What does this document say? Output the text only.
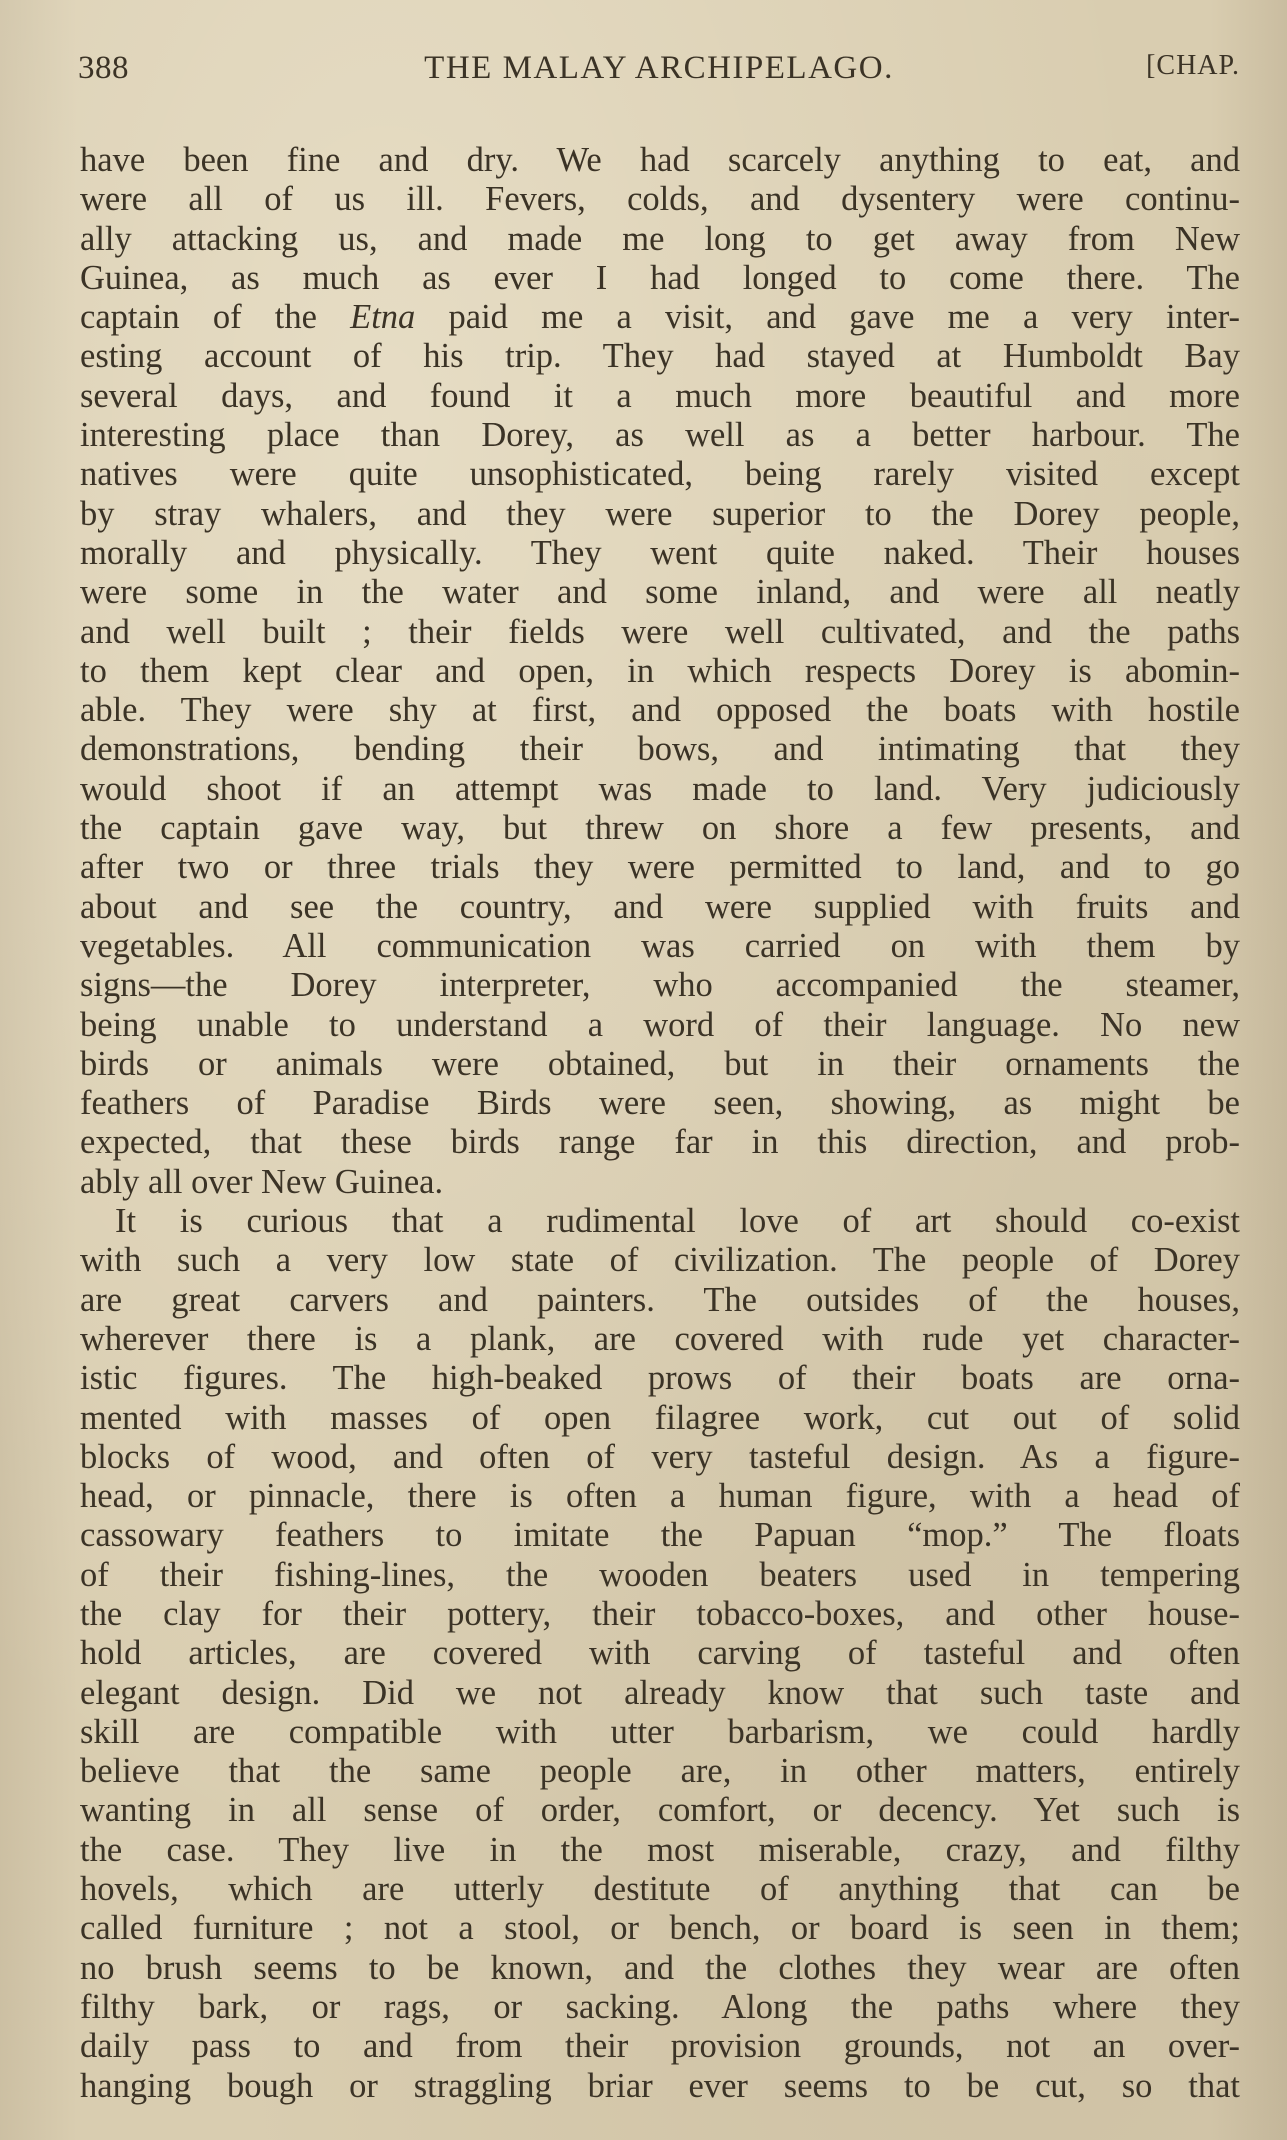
388	THE MALAY ARCHIPELAGO.	[CHAP.
have been fine and dry. We had scarcely anything to eat, and
were all of us ill. Fevers, colds, and dysentery were continu-
ally attacking us, and made me long to get away from New
Guinea, as much as ever I had longed to come there. The
captain of the Etna paid me a visit, and gave me a very inter-
esting account of his trip. They had stayed at Humboldt Bay
several days, and found it a much more beautiful and more
interesting place than Dorey, as well as a better harbour. The
natives were quite unsophisticated, being rarely visited except
by stray whalers, and they were superior to the Dorey people,
morally and physically. They went quite naked. Their houses
were some in the water and some inland, and were all neatly
and well built ; their fields were well cultivated, and the paths
to them kept clear and open, in which respects Dorey is abomin-
able. They were shy at first, and opposed the boats with hostile
demonstrations, bending their bows, and intimating that they
would shoot if an attempt was made to land. Very judiciously
the captain gave way, but threw on shore a few presents, and
after two or three trials they were permitted to land, and to go
about and see the country, and were supplied with fruits and
vegetables. All communication was carried on with them by
signs—the Dorey interpreter, who accompanied the steamer,
being unable to understand a word of their language. No new
birds or animals were obtained, but in their ornaments the
feathers of Paradise Birds were seen, showing, as might be
expected, that these birds range far in this direction, and prob-
ably all over New Guinea.
It is curious that a rudimental love of art should co-exist
with such a very low state of civilization. The people of Dorey
are great carvers and painters. The outsides of the houses,
wherever there is a plank, are covered with rude yet character-
istic figures. The high-beaked prows of their boats are orna-
mented with masses of open filagree work, cut out of solid
blocks of wood, and often of very tasteful design. As a figure-
head, or pinnacle, there is often a human figure, with a head of
cassowary feathers to imitate the Papuan “mop.” The floats
of their fishing-lines, the wooden beaters used in tempering
the clay for their pottery, their tobacco-boxes, and other house-
hold articles, are covered with carving of tasteful and often
elegant design. Did we not already know that such taste and
skill are compatible with utter barbarism, we could hardly
believe that the same people are, in other matters, entirely
wanting in all sense of order, comfort, or decency. Yet such is
the case. They live in the most miserable, crazy, and filthy
hovels, which are utterly destitute of anything that can be
called furniture ; not a stool, or bench, or board is seen in them;
no brush seems to be known, and the clothes they wear are often
filthy bark, or rags, or sacking. Along the paths where they
daily pass to and from their provision grounds, not an over-
hanging bough or straggling briar ever seems to be cut, so that
